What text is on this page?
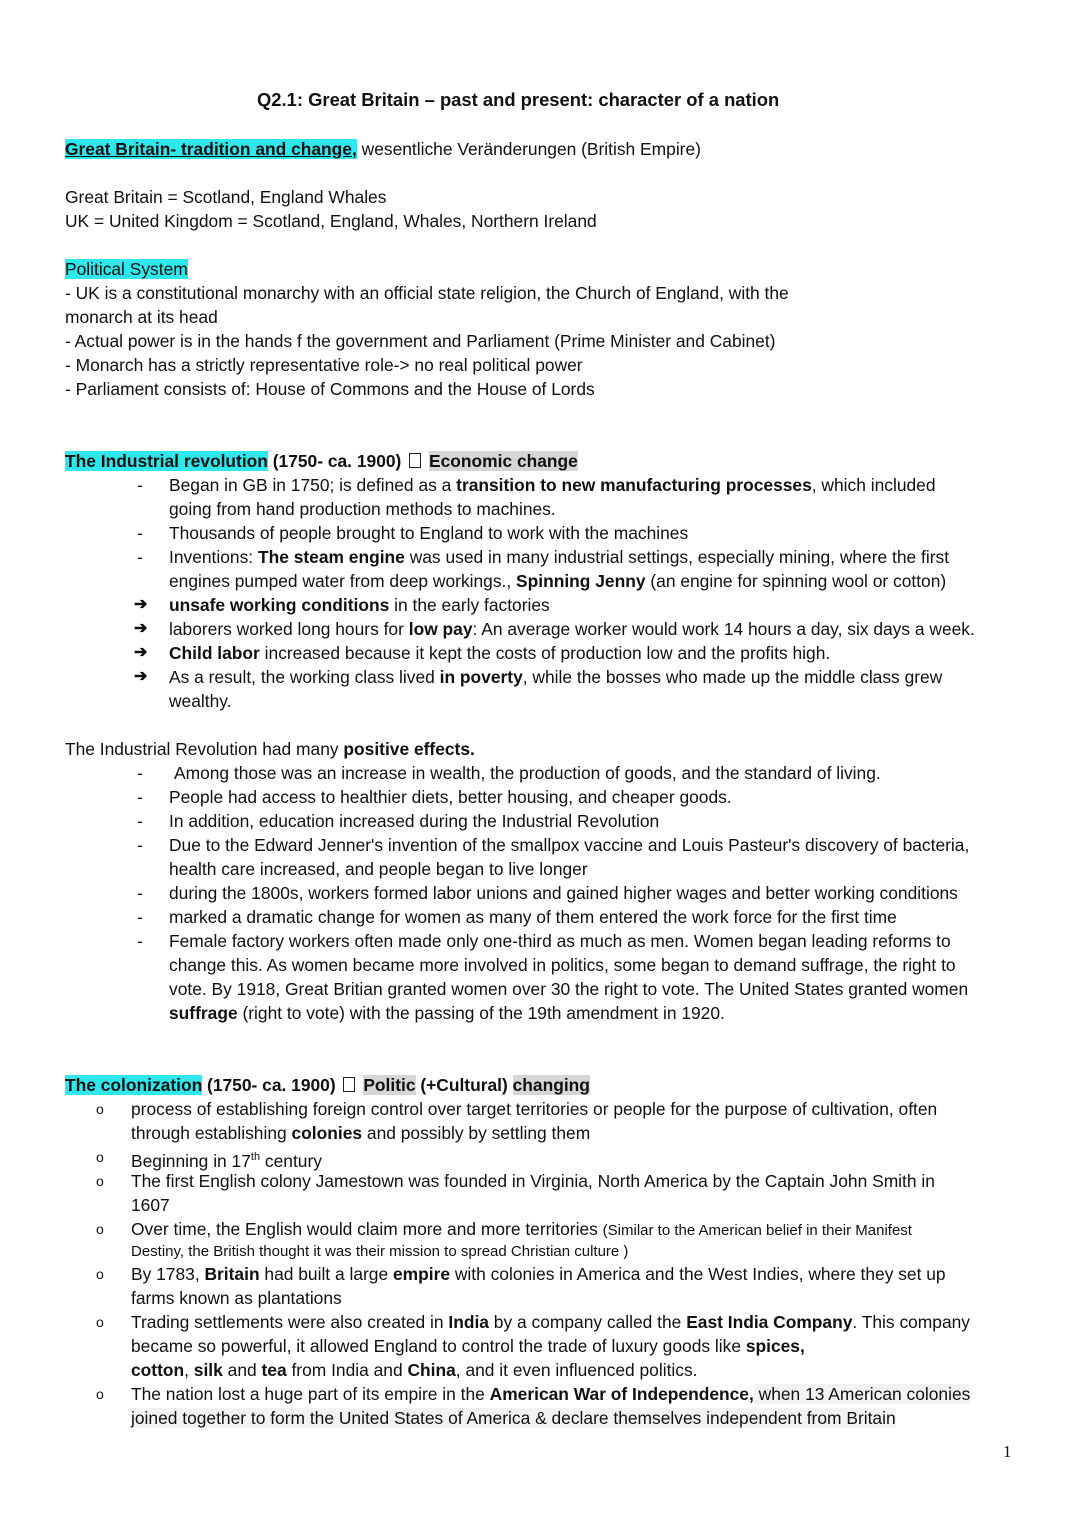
Q2.1: Great Britain – past and present: character of a nation
Great Britain- tradition and change, wesentliche Veränderungen (British Empire)
Great Britain = Scotland, England Whales
UK = United Kingdom = Scotland, England, Whales, Northern Ireland
Political System
- UK is a constitutional monarchy with an official state religion, the Church of England, with the
monarch at its head
- Actual power is in the hands f the government and Parliament (Prime Minister and Cabinet)
- Monarch has a strictly representative role-> no real political power
- Parliament consists of: House of Commons and the House of Lords
The Industrial revolution (1750- ca. 1900)  Economic change
- Began in GB in 1750; is defined as a transition to new manufacturing processes, which included
going from hand production methods to machines.
- Thousands of people brought to England to work with the machines
- Inventions: The steam engine was used in many industrial settings, especially mining, where the first
engines pumped water from deep workings., Spinning Jenny (an engine for spinning wool or cotton)
➔ unsafe working conditions in the early factories
➔ laborers worked long hours for low pay: An average worker would work 14 hours a day, six days a week.
➔ Child labor increased because it kept the costs of production low and the profits high.
➔ As a result, the working class lived in poverty, while the bosses who made up the middle class grew
wealthy.
The Industrial Revolution had many positive effects.
- Among those was an increase in wealth, the production of goods, and the standard of living.
- People had access to healthier diets, better housing, and cheaper goods.
- In addition, education increased during the Industrial Revolution
- Due to the Edward Jenner's invention of the smallpox vaccine and Louis Pasteur's discovery of bacteria,
health care increased, and people began to live longer
- during the 1800s, workers formed labor unions and gained higher wages and better working conditions
- marked a dramatic change for women as many of them entered the work force for the first time
- Female factory workers often made only one-third as much as men. Women began leading reforms to
change this. As women became more involved in politics, some began to demand suffrage, the right to
vote. By 1918, Great Britian granted women over 30 the right to vote. The United States granted women
suffrage (right to vote) with the passing of the 19th amendment in 1920.
The colonization (1750- ca. 1900)  Politic (+Cultural) changing
o process of establishing foreign control over target territories or people for the purpose of cultivation, often
through establishing colonies and possibly by settling them
o Beginning in 17th century
o The first English colony Jamestown was founded in Virginia, North America by the Captain John Smith in
1607
o Over time, the English would claim more and more territories (Similar to the American belief in their Manifest
Destiny, the British thought it was their mission to spread Christian culture )
o By 1783, Britain had built a large empire with colonies in America and the West Indies, where they set up
farms known as plantations
o Trading settlements were also created in India by a company called the East India Company. This company
became so powerful, it allowed England to control the trade of luxury goods like spices,
cotton, silk and tea from India and China, and it even influenced politics.
o The nation lost a huge part of its empire in the American War of Independence, when 13 American colonies
joined together to form the United States of America & declare themselves independent from Britain
1
